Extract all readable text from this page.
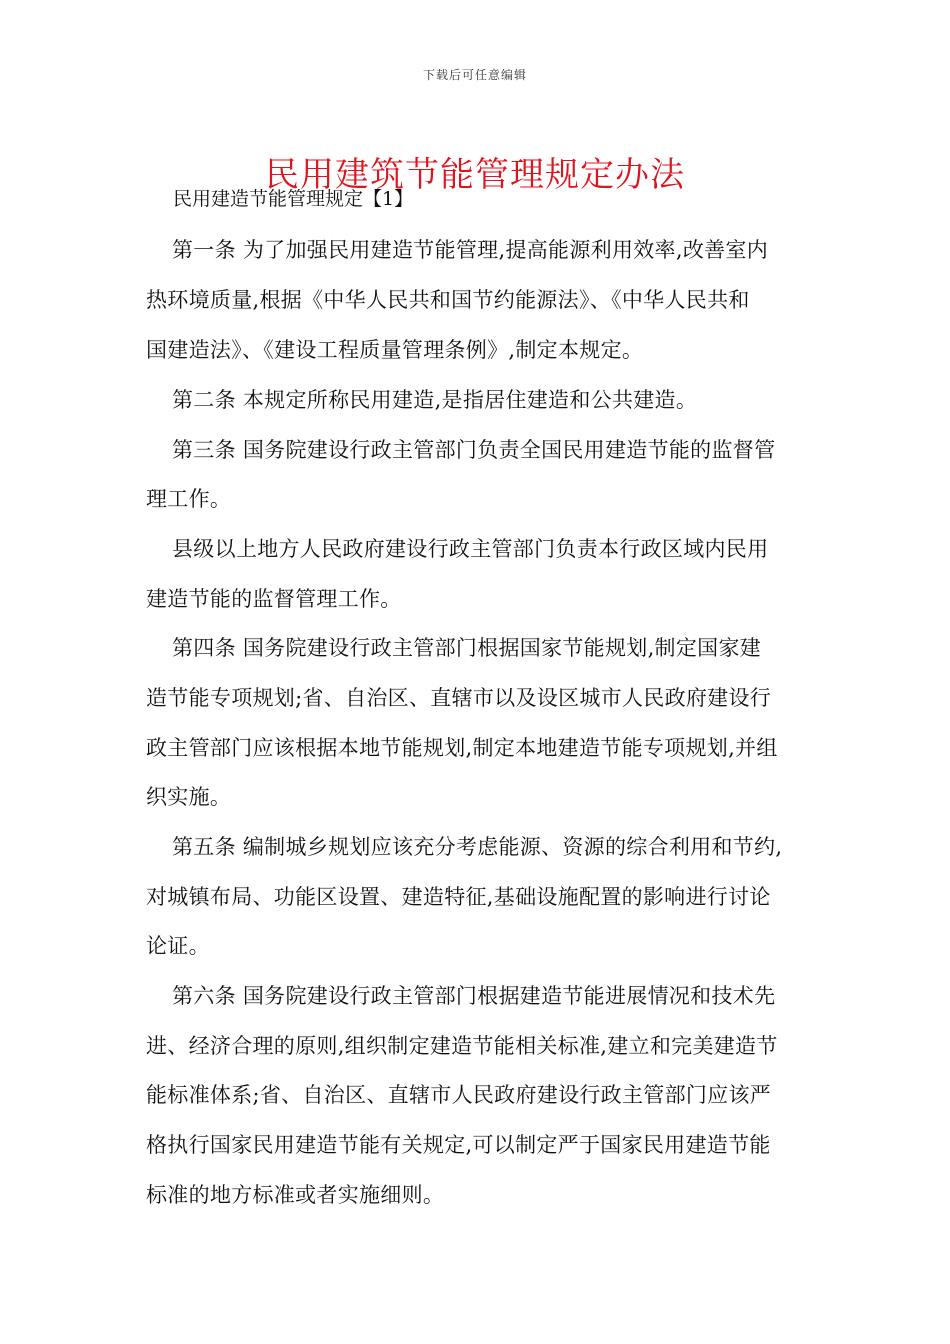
下载后可任意编辑
民用建筑节能管理规定办法
民用建造节能管理规定【1】
第一条 为了加强民用建造节能管理,提高能源利用效率,改善室内
热环境质量,根据《中华人民共和国节约能源法》、《中华人民共和
国建造法》、《建设工程质量管理条例》,制定本规定。
第二条 本规定所称民用建造,是指居住建造和公共建造。
第三条 国务院建设行政主管部门负责全国民用建造节能的监督管
理工作。
县级以上地方人民政府建设行政主管部门负责本行政区域内民用
建造节能的监督管理工作。
第四条 国务院建设行政主管部门根据国家节能规划,制定国家建
造节能专项规划;省、自治区、直辖市以及设区城市人民政府建设行
政主管部门应该根据本地节能规划,制定本地建造节能专项规划,并组
织实施。
第五条 编制城乡规划应该充分考虑能源、资源的综合利用和节约,
对城镇布局、功能区设置、建造特征,基础设施配置的影响进行讨论
论证。
第六条 国务院建设行政主管部门根据建造节能进展情况和技术先
进、经济合理的原则,组织制定建造节能相关标准,建立和完美建造节
能标准体系;省、自治区、直辖市人民政府建设行政主管部门应该严
格执行国家民用建造节能有关规定,可以制定严于国家民用建造节能
标准的地方标准或者实施细则。
